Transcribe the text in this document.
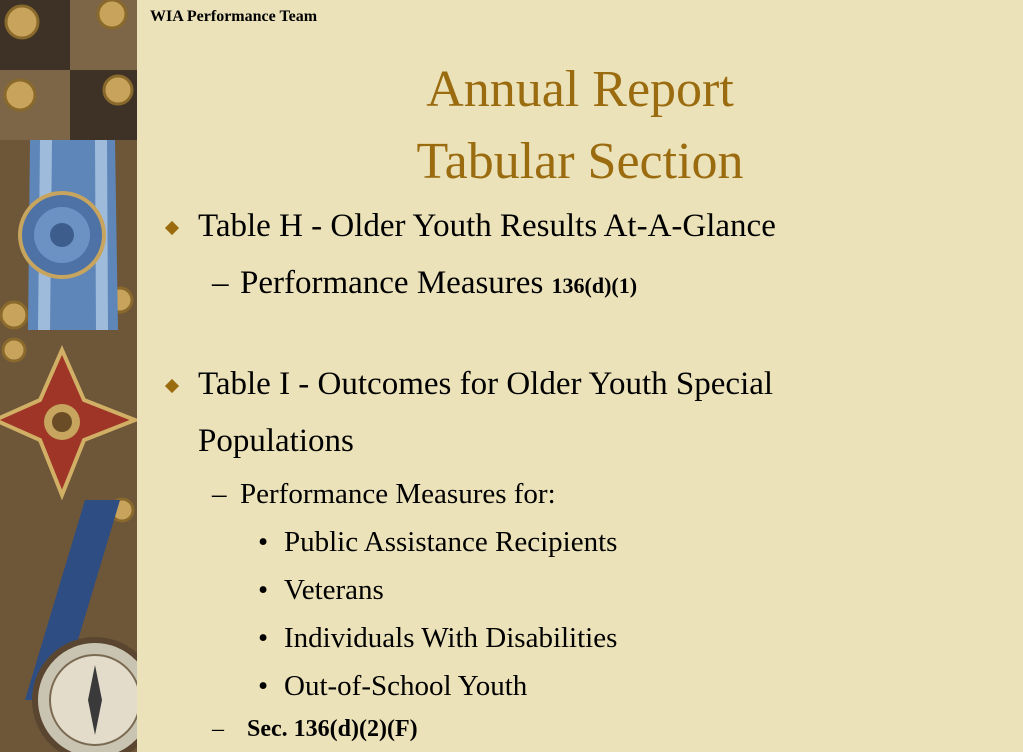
WIA Performance Team
Annual Report
Tabular Section
Table H - Older Youth Results At-A-Glance
– Performance Measures 136(d)(1)
Table I - Outcomes for Older Youth Special
Populations
– Performance Measures for:
• Public Assistance Recipients
• Veterans
• Individuals With Disabilities
• Out-of-School Youth
– Sec. 136(d)(2)(F)
